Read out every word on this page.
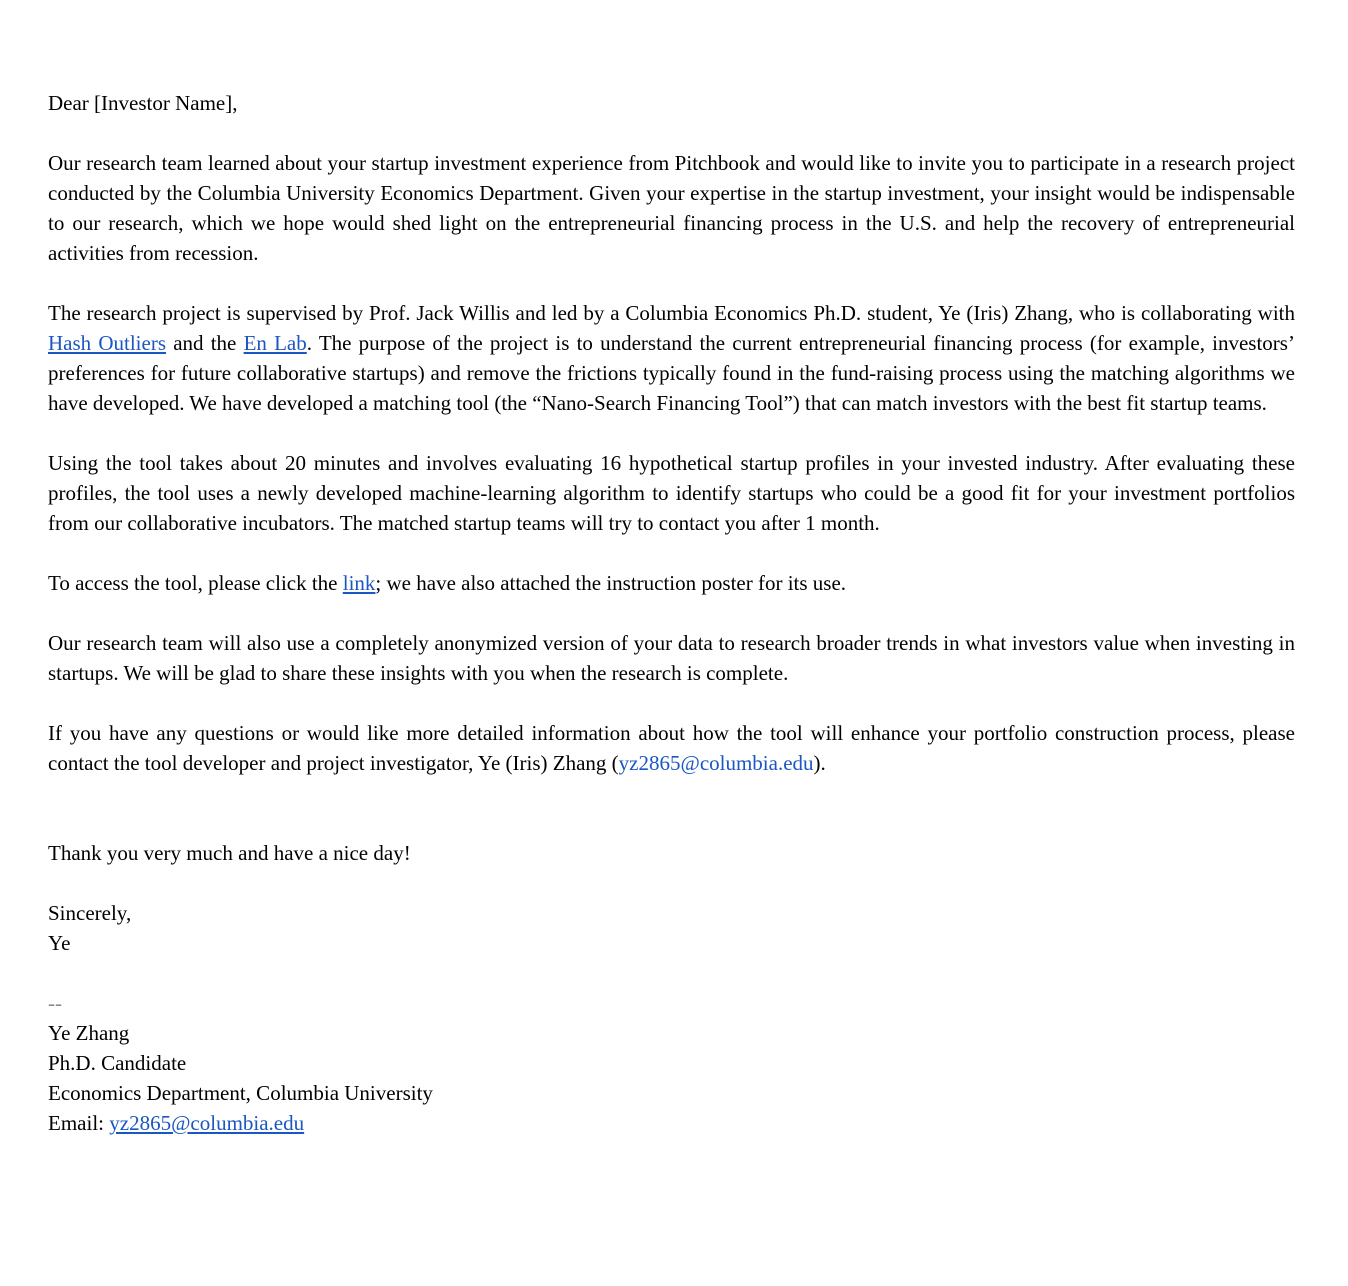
Dear [Investor Name],

Our research team learned about your startup investment experience from Pitchbook and would like to invite you to participate in a research project conducted by the Columbia University Economics Department. Given your expertise in the startup investment, your insight would be indispensable to our research, which we hope would shed light on the entrepreneurial financing process in the U.S. and help the recovery of entrepreneurial activities from recession.

The research project is supervised by Prof. Jack Willis and led by a Columbia Economics Ph.D. student, Ye (Iris) Zhang, who is collaborating with Hash Outliers and the En Lab. The purpose of the project is to understand the current entrepreneurial financing process (for example, investors’ preferences for future collaborative startups) and remove the frictions typically found in the fund-raising process using the matching algorithms we have developed. We have developed a matching tool (the “Nano-Search Financing Tool”) that can match investors with the best fit startup teams.

Using the tool takes about 20 minutes and involves evaluating 16 hypothetical startup profiles in your invested industry. After evaluating these profiles, the tool uses a newly developed machine-learning algorithm to identify startups who could be a good fit for your investment portfolios from our collaborative incubators. The matched startup teams will try to contact you after 1 month.

To access the tool, please click the link; we have also attached the instruction poster for its use.

Our research team will also use a completely anonymized version of your data to research broader trends in what investors value when investing in startups. We will be glad to share these insights with you when the research is complete.

If you have any questions or would like more detailed information about how the tool will enhance your portfolio construction process, please contact the tool developer and project investigator, Ye (Iris) Zhang (yz2865@columbia.edu).

Thank you very much and have a nice day!

Sincerely,
Ye

--
Ye Zhang
Ph.D. Candidate
Economics Department, Columbia University
Email: yz2865@columbia.edu
